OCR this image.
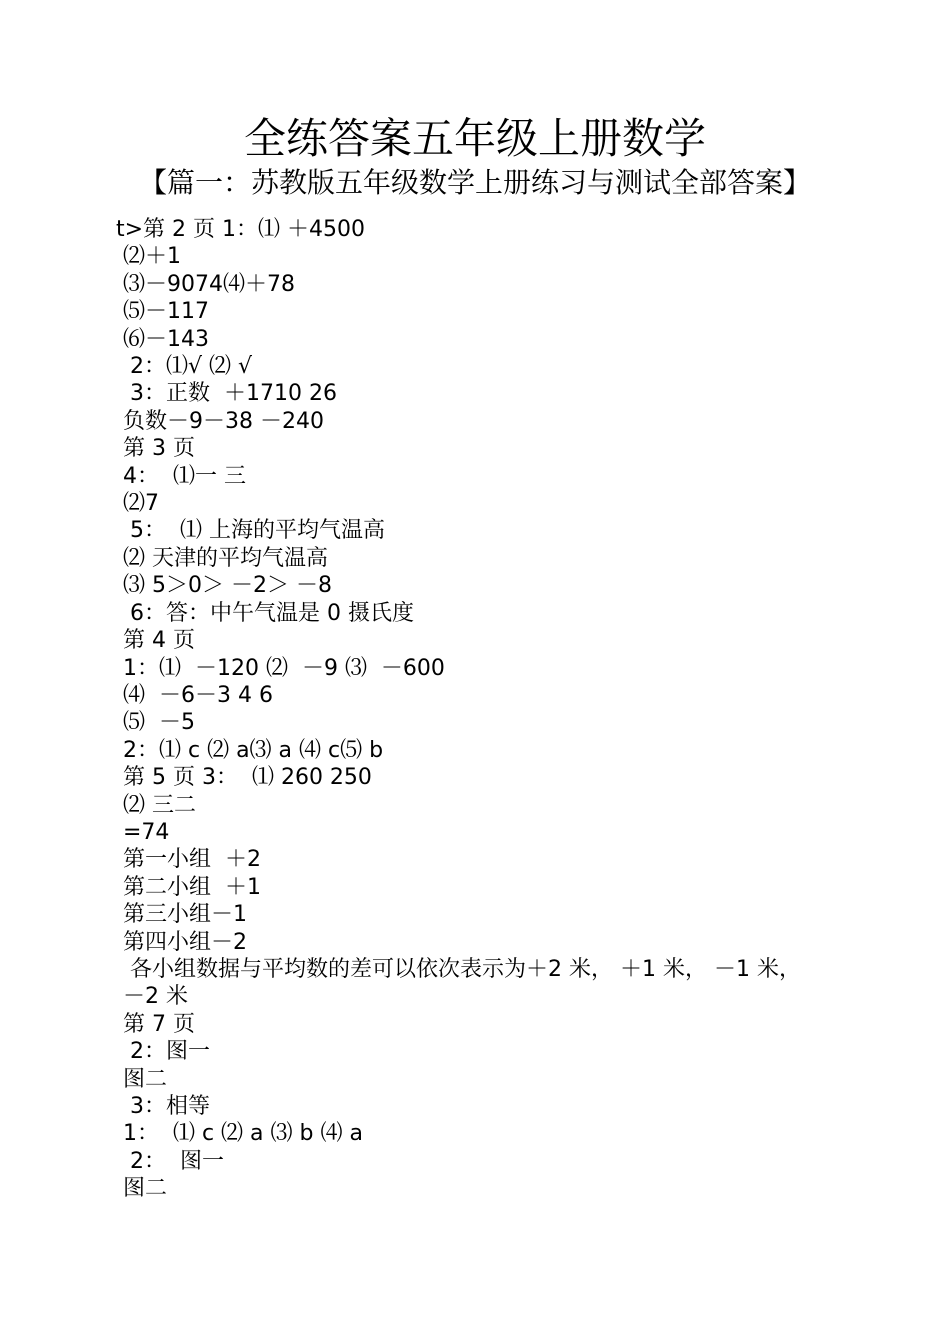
全练答案五年级上册数学
【篇一：苏教版五年级数学上册练习与测试全部答案】
t>第 2 页 1：⑴ ＋4500
⑵＋1
⑶－9074⑷＋78
⑸－117
⑹－143
2：⑴√ ⑵ √
3：正数  ＋1710 26
负数－9－38 －240
第 3 页
4：  ⑴一 三
⑵7
5：  ⑴ 上海的平均气温高
⑵ 天津的平均气温高
⑶ 5＞0＞ －2＞ －8
6：答：中午气温是 0 摄氏度
第 4 页
1：⑴  －120 ⑵  －9 ⑶  －600
⑷  －6－3 4 6
⑸  －5
2：⑴ c ⑵ a⑶ a ⑷ c⑸ b
第 5 页 3：  ⑴ 260 250
⑵ 三二
=74
第一小组  ＋2
第二小组  ＋1
第三小组－1
第四小组－2
各小组数据与平均数的差可以依次表示为＋2 米， ＋1 米， －1 米，
－2 米
第 7 页
2：图一
图二
3：相等
1：  ⑴ c ⑵ a ⑶ b ⑷ a
2：  图一
图二
